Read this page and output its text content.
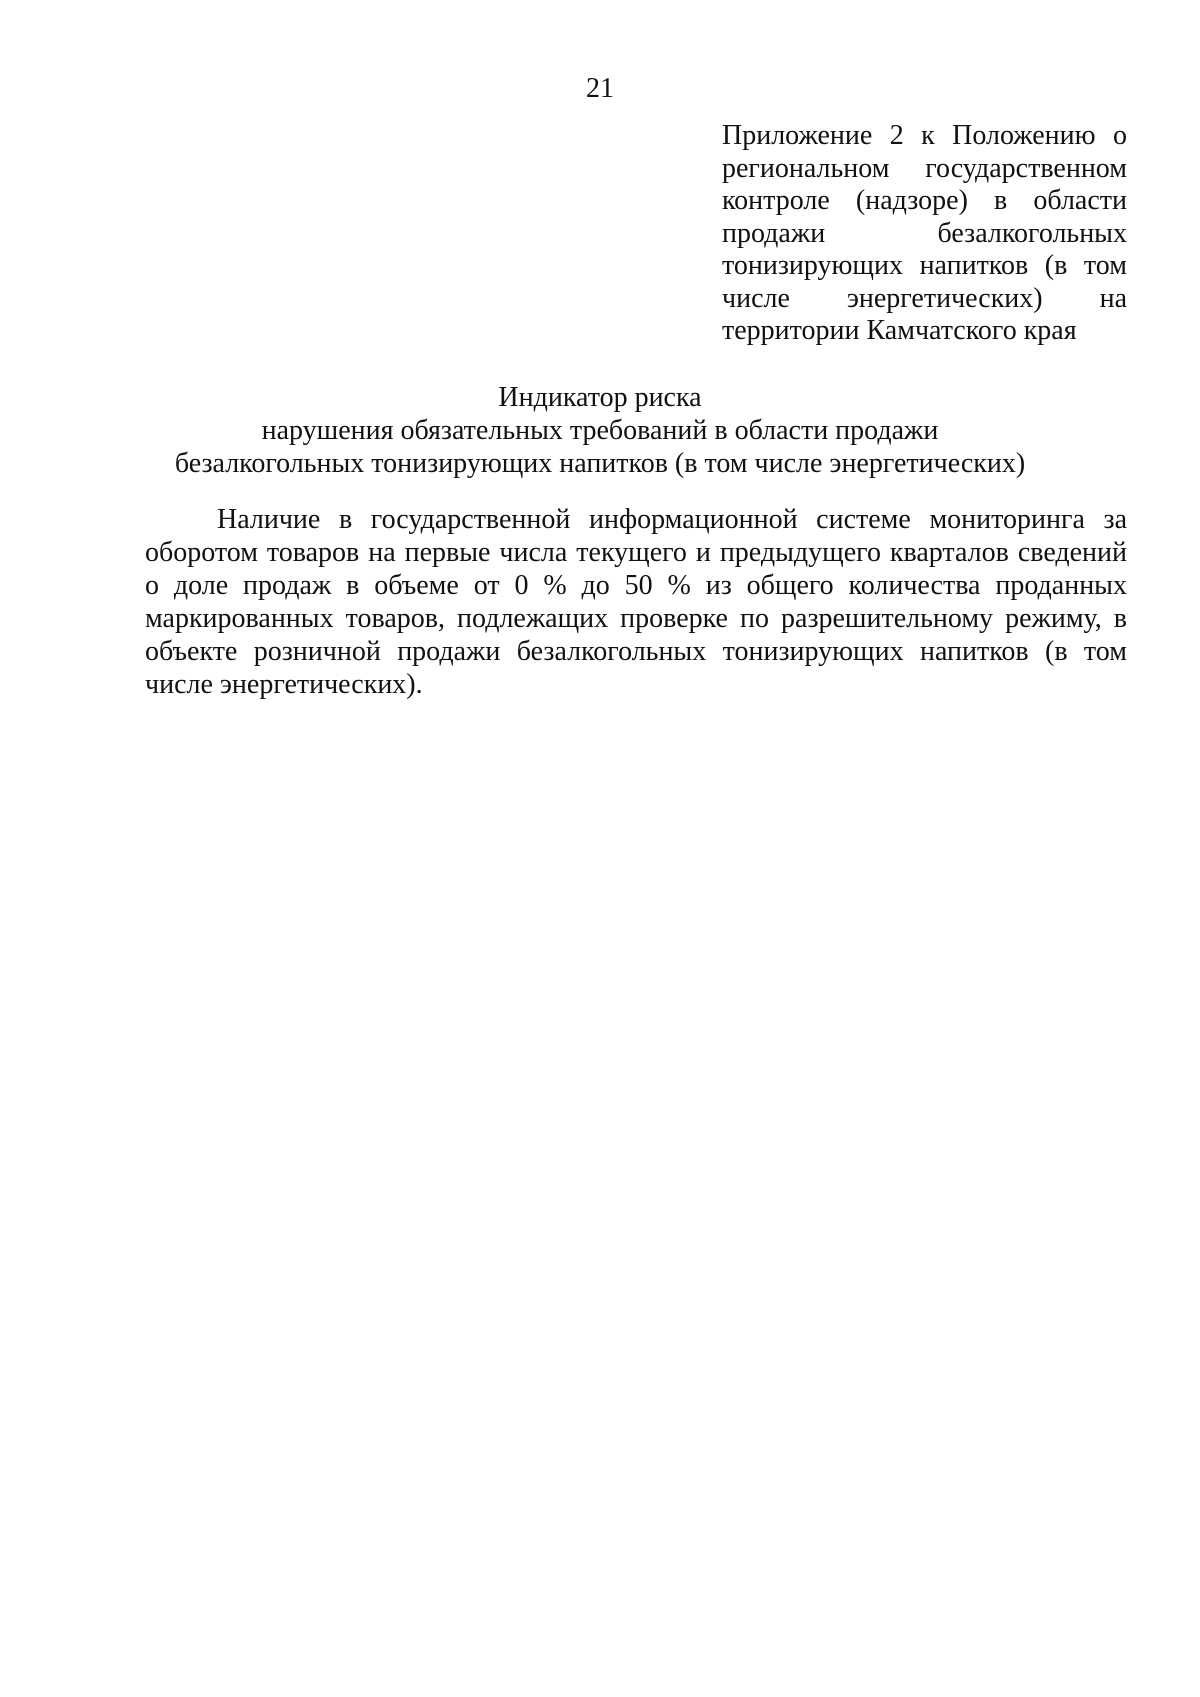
21
Приложение 2 к Положению о
региональном государственном
контроле (надзоре) в области
продажи безалкогольных
тонизирующих напитков (в том
числе энергетических) на
территории Камчатского края
Индикатор риска
нарушения обязательных требований в области продажи
безалкогольных тонизирующих напитков (в том числе энергетических)
Наличие в государственной информационной системе мониторинга за
оборотом товаров на первые числа текущего и предыдущего кварталов сведений
о доле продаж в объеме от 0 % до 50 % из общего количества проданных
маркированных товаров, подлежащих проверке по разрешительному режиму, в
объекте розничной продажи безалкогольных тонизирующих напитков (в том
числе энергетических).
